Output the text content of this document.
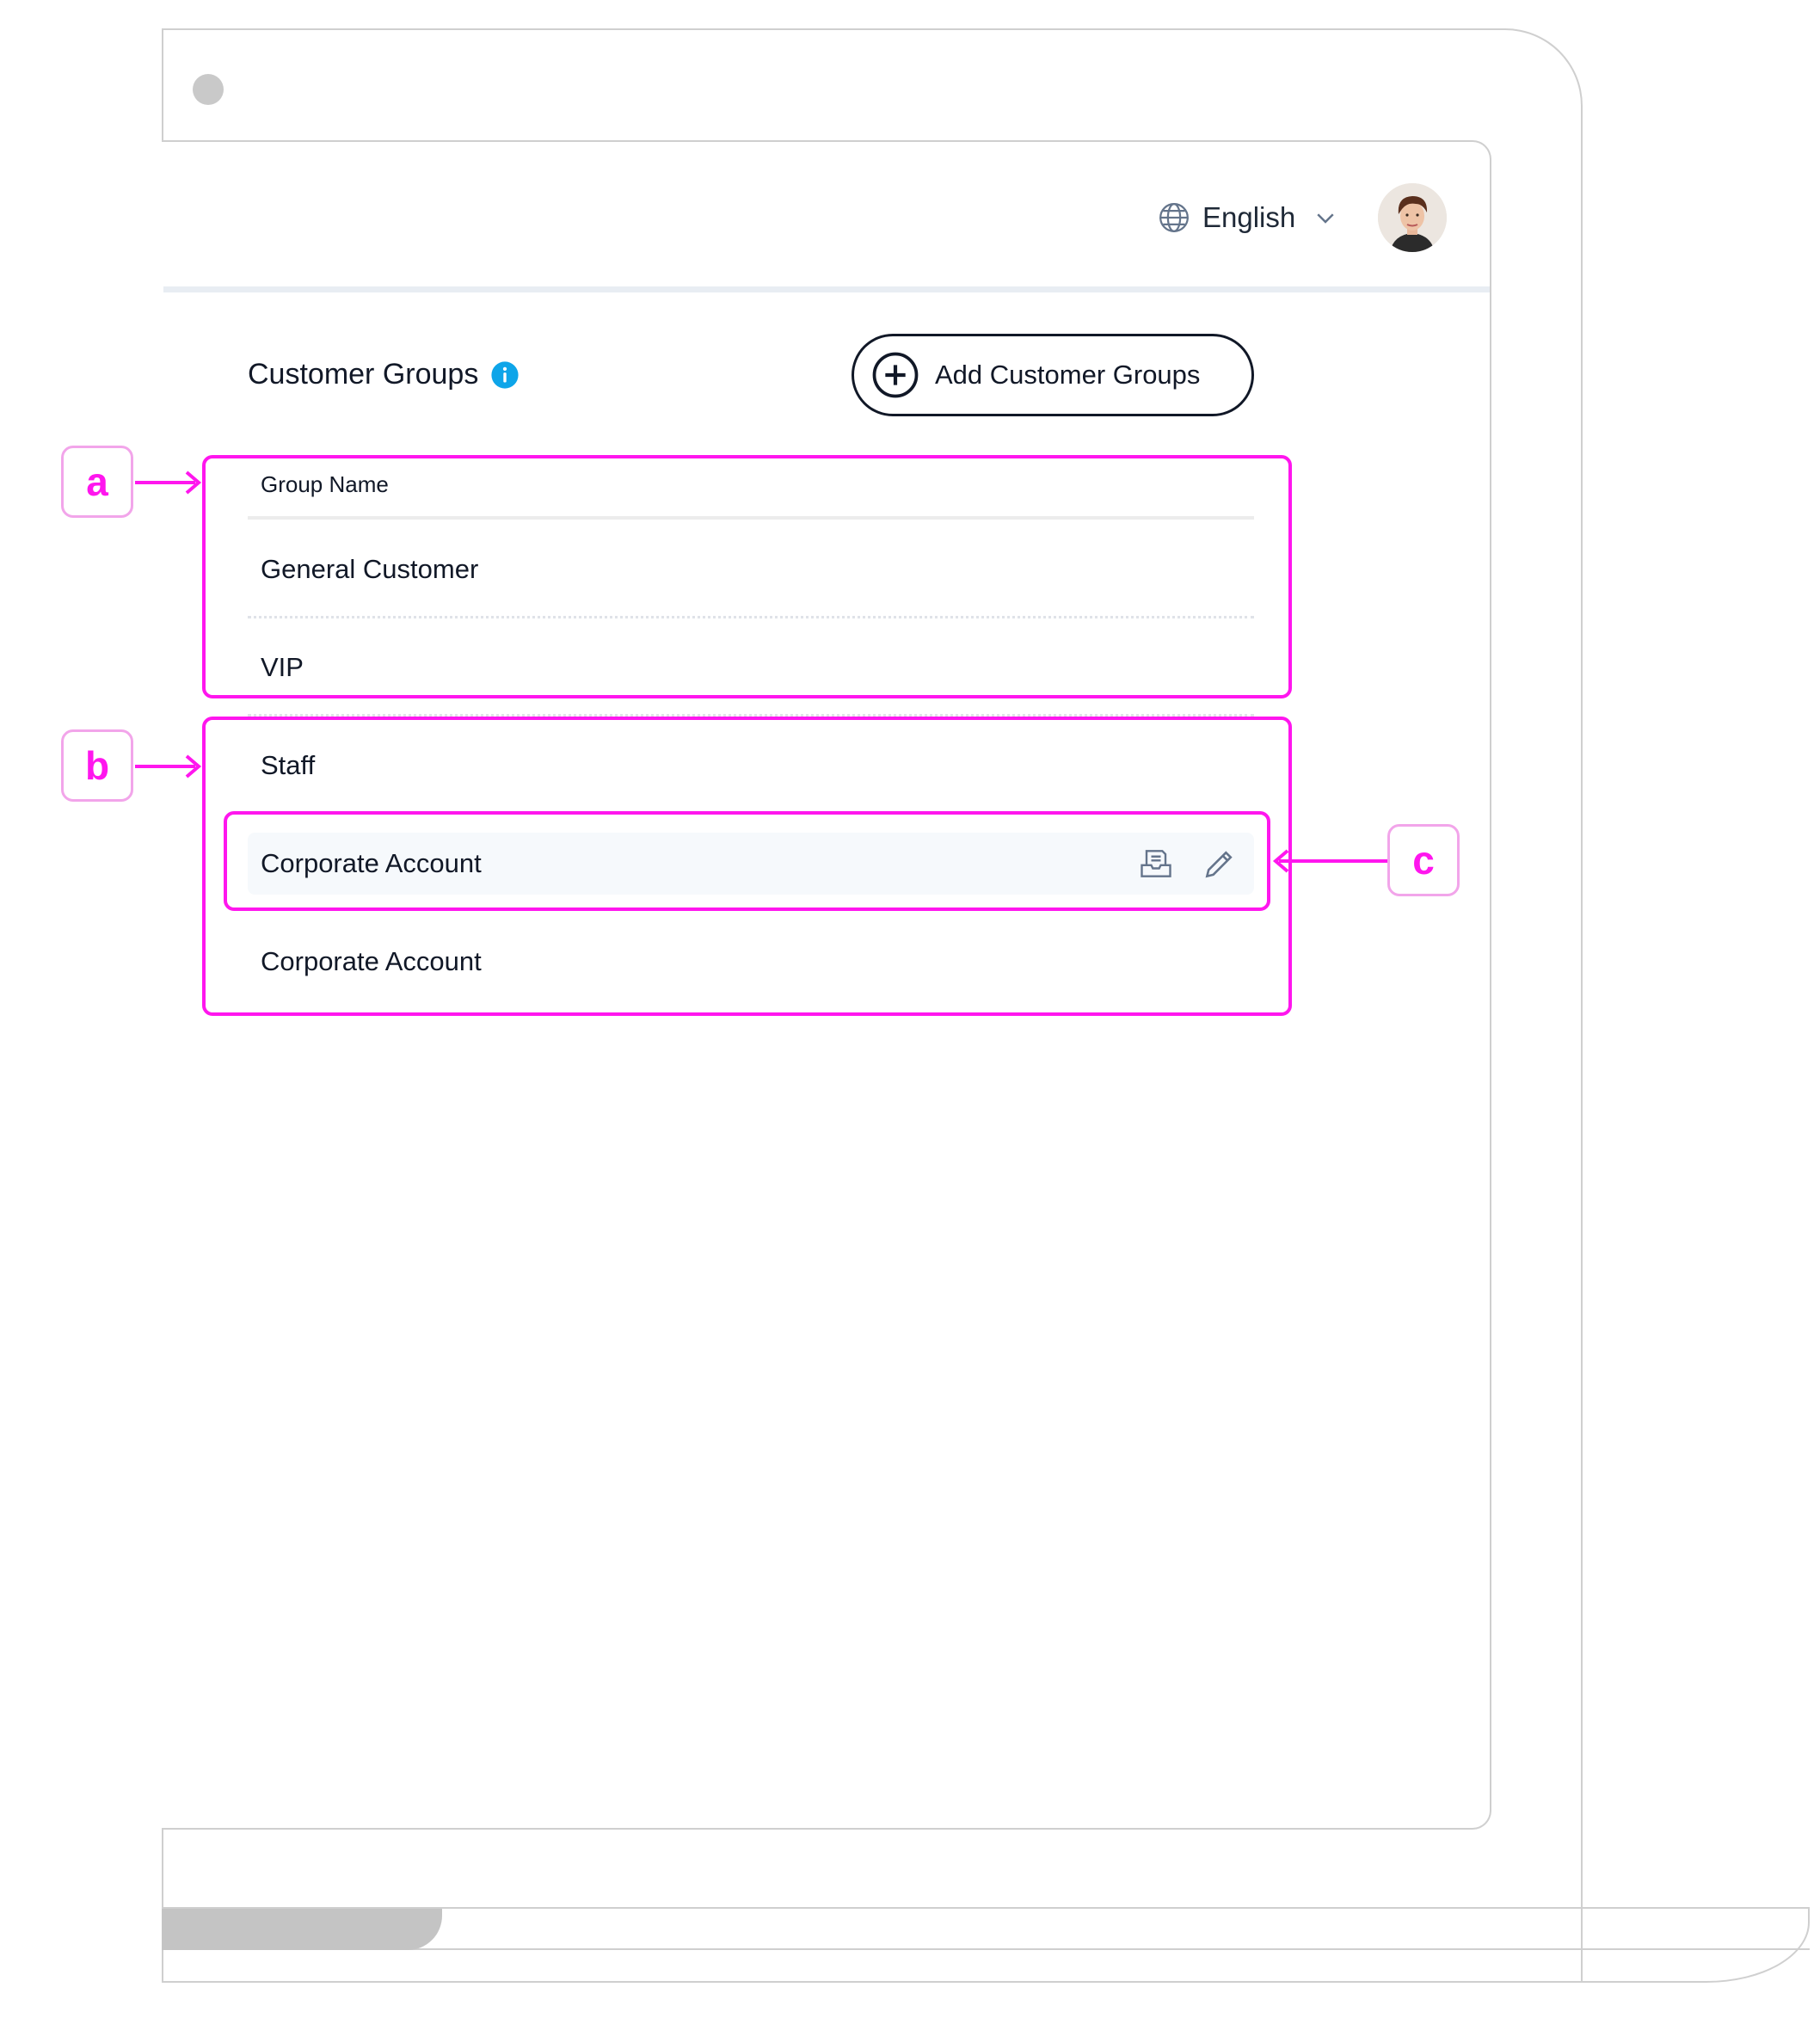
English
Customer Groups	Add Customer Groups
Group Name
General Customer
VIP
Staff
Corporate Account
Corporate Account
a
b
c
